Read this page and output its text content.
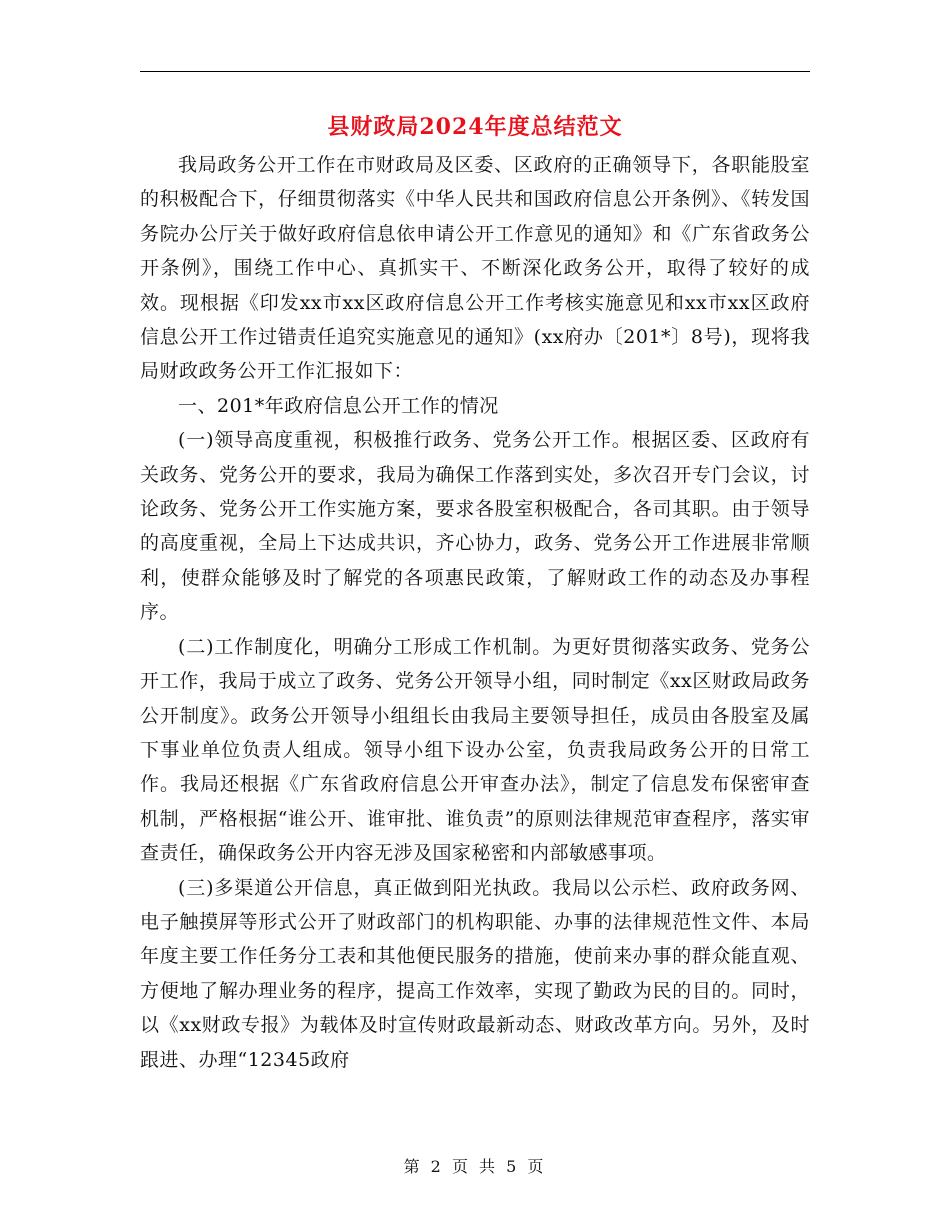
县财政局2024年度总结范文

我局政务公开工作在市财政局及区委、区政府的正确领导下，各职能股室的积极配合下，仔细贯彻落实《中华人民共和国政府信息公开条例》、《转发国务院办公厅关于做好政府信息依申请公开工作意见的通知》和《广东省政务公开条例》，围绕工作中心、真抓实干、不断深化政务公开，取得了较好的成效。现根据《印发xx市xx区政府信息公开工作考核实施意见和xx市xx区政府信息公开工作过错责任追究实施意见的通知》(xx府办〔201*〕8号)，现将我局财政政务公开工作汇报如下：

一、201*年政府信息公开工作的情况

(一)领导高度重视，积极推行政务、党务公开工作。根据区委、区政府有关政务、党务公开的要求，我局为确保工作落到实处，多次召开专门会议，讨论政务、党务公开工作实施方案，要求各股室积极配合，各司其职。由于领导的高度重视，全局上下达成共识，齐心协力，政务、党务公开工作进展非常顺利，使群众能够及时了解党的各项惠民政策，了解财政工作的动态及办事程序。

(二)工作制度化，明确分工形成工作机制。为更好贯彻落实政务、党务公开工作，我局于成立了政务、党务公开领导小组，同时制定《xx区财政局政务公开制度》。政务公开领导小组组长由我局主要领导担任，成员由各股室及属下事业单位负责人组成。领导小组下设办公室，负责我局政务公开的日常工作。我局还根据《广东省政府信息公开审查办法》，制定了信息发布保密审查机制，严格根据“谁公开、谁审批、谁负责”的原则法律规范审查程序，落实审查责任，确保政务公开内容无涉及国家秘密和内部敏感事项。

(三)多渠道公开信息，真正做到阳光执政。我局以公示栏、政府政务网、电子触摸屏等形式公开了财政部门的机构职能、办事的法律规范性文件、本局年度主要工作任务分工表和其他便民服务的措施，使前来办事的群众能直观、方便地了解办理业务的程序，提高工作效率，实现了勤政为民的目的。同时，以《xx财政专报》为载体及时宣传财政最新动态、财政改革方向。另外，及时跟进、办理“12345政府

第 2 页 共 5 页
